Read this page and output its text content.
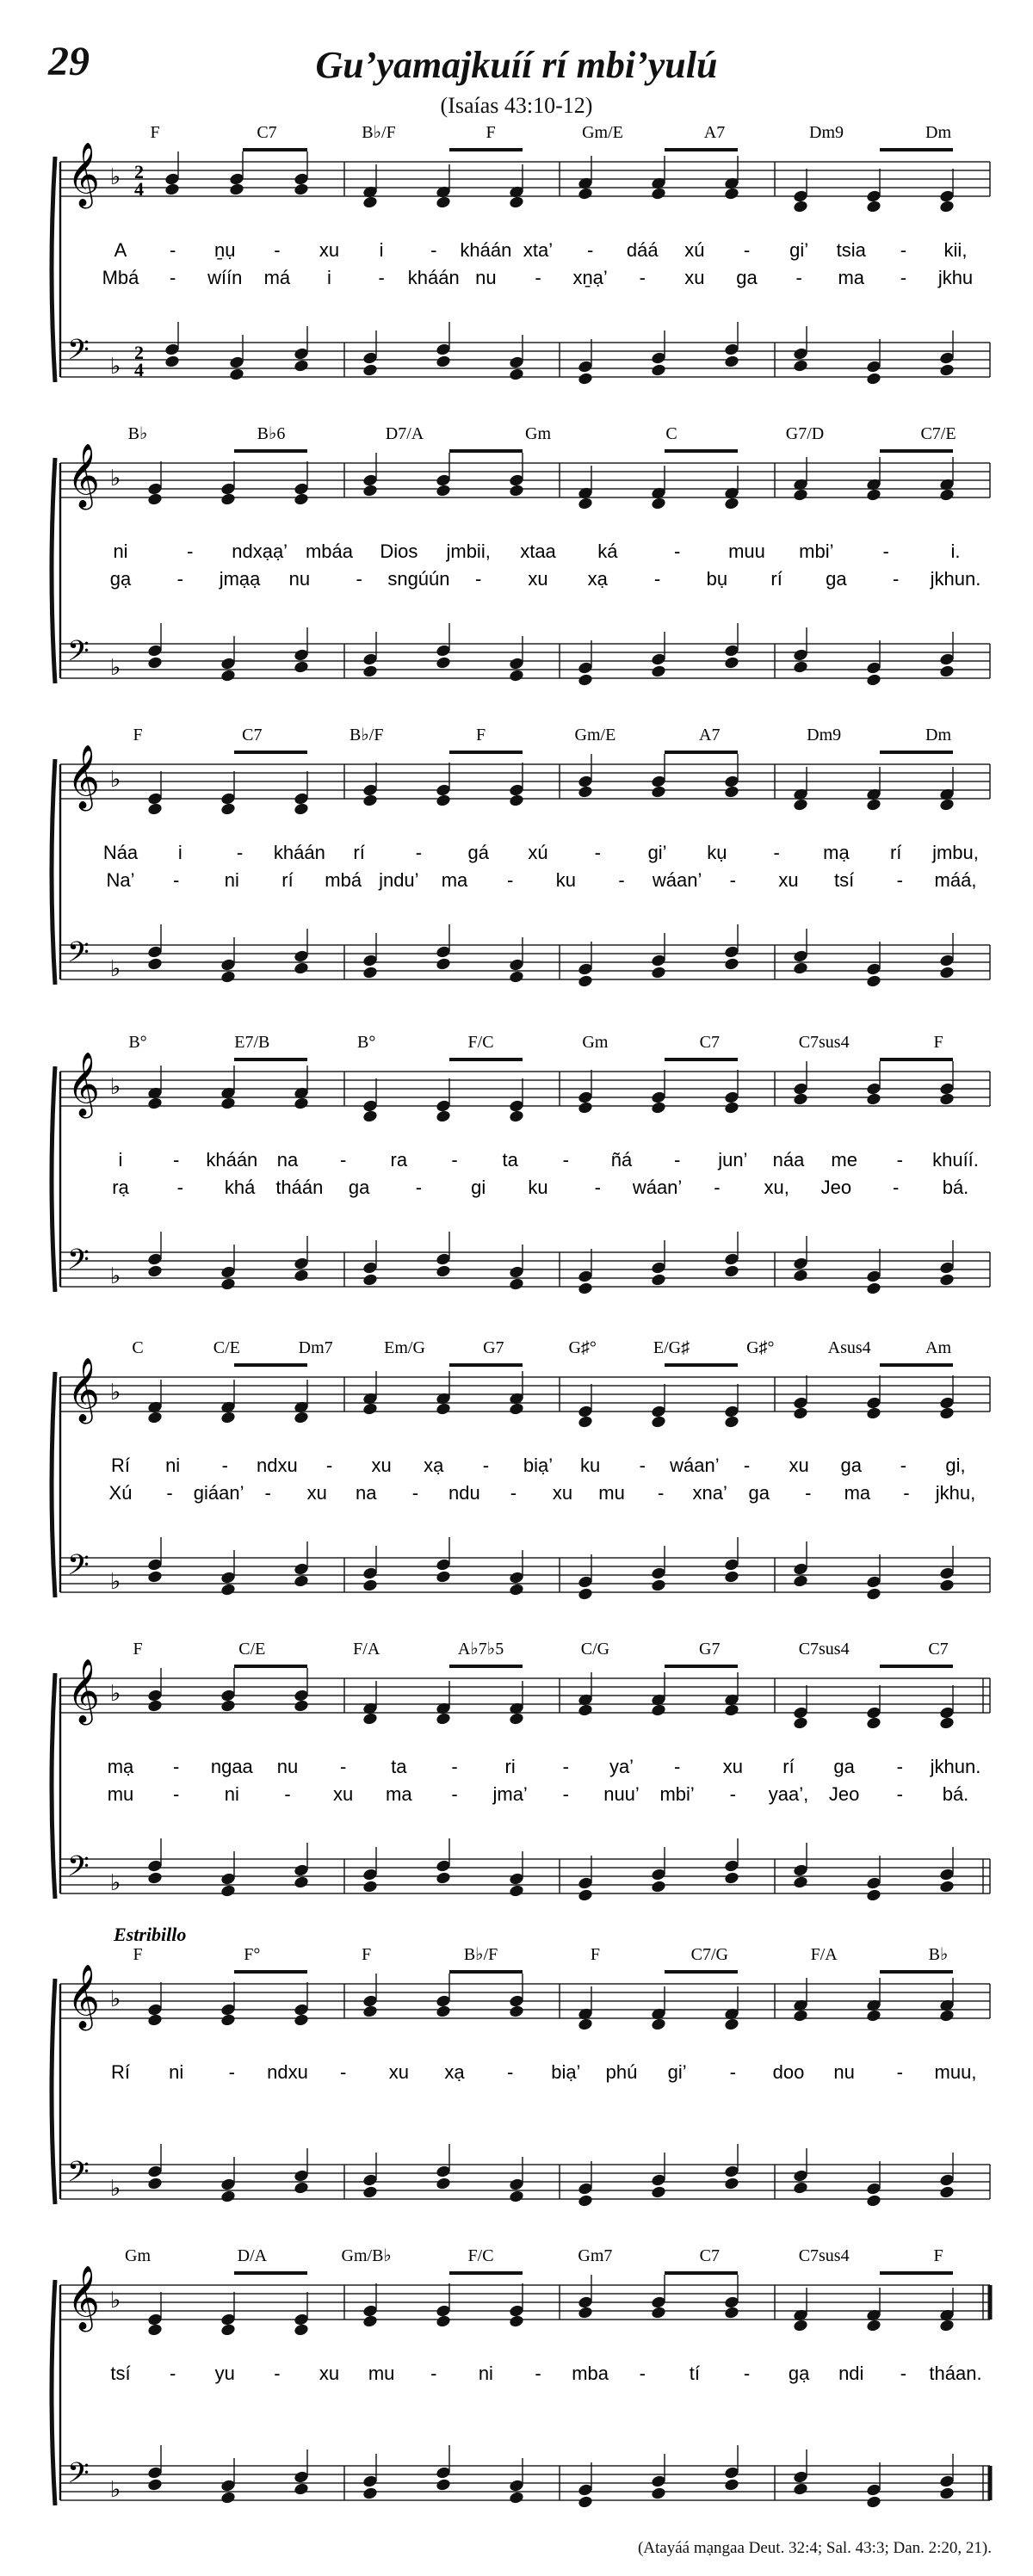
29	Gu’yamajkuíí rí mbi’yulú
(Isaías 43:10-12)
𝄞 ♭ 2
4
𝄢 ♭
2
4
F	C7	B♭/F	F	Gm/E	A7	Dm9	Dm
A - ṉụ - xu i - kháán xta’ - dáá xú - gi’ tsia - kii,
Mbá - wíín má i - kháán nu - xṉạ’ - xu ga - ma - jkhu
𝄞 ♭
𝄢 ♭
B♭	B♭6	D7/A	Gm	C	G7/D	C7/E
ni	- ndxạạ’ mbáa Dios jmbii, xtaa ká	-	muu mbi’	-	i.
gạ - jmạạ nu - sngúún - xu xạ - bụ rí ga - jkhun.
𝄞 ♭
𝄢 ♭
F	C7	B♭/F	F	Gm/E	A7	Dm9	Dm
Náa i	- kháán rí	- gá xú - gi’ kụ - mạ rí jmbu,
Na’ - ni rí mbá jndu’ ma - ku - wáan’ - xu tsí - máá,
𝄞 ♭
𝄢 ♭
B°	E7/B	B°	F/C	Gm	C7	C7sus4	F
i	- kháán na - ra - ta - ñá - jun’ náa me - khuíí.
rạ	- khá tháán ga -	gi ku - wáan’ - xu, Jeo - bá.
𝄞 ♭
𝄢 ♭
C	C/E	Dm7	Em/G	G7	G♯°	E/G♯	G♯°	Asus4	Am
Rí ni - ndxu - xu xạ - biạ’ ku - wáan’ - xu ga - gi,
Xú - giáan’ - xu na - ndu - xu mu - xna’ ga - ma - jkhu,
𝄞 ♭
𝄢 ♭
F	C/E	F/A	A♭7♭5	C/G	G7	C7sus4	C7
mạ - ngaa nu - ta - ri - ya’ - xu rí ga - jkhun.
mu - ni - xu ma - jma’ - nuu’ mbi’ - yaa’, Jeo - bá.
𝄞 ♭
𝄢 ♭
Estribillo
F	F°	F	B♭/F	F	C7/G	F/A	B♭
Rí ni - ndxu - xu xạ - biạ’ phú gi’ - doo nu - muu,
𝄞 ♭
𝄢 ♭
Gm	D/A	Gm/B♭	F/C	Gm7	C7	C7sus4	F
tsí - yu - xu mu - ni - mba - tí - gạ ndi - tháan.
(Atayáá mạngaa Deut. 32:4; Sal. 43:3; Dan. 2:20, 21).
